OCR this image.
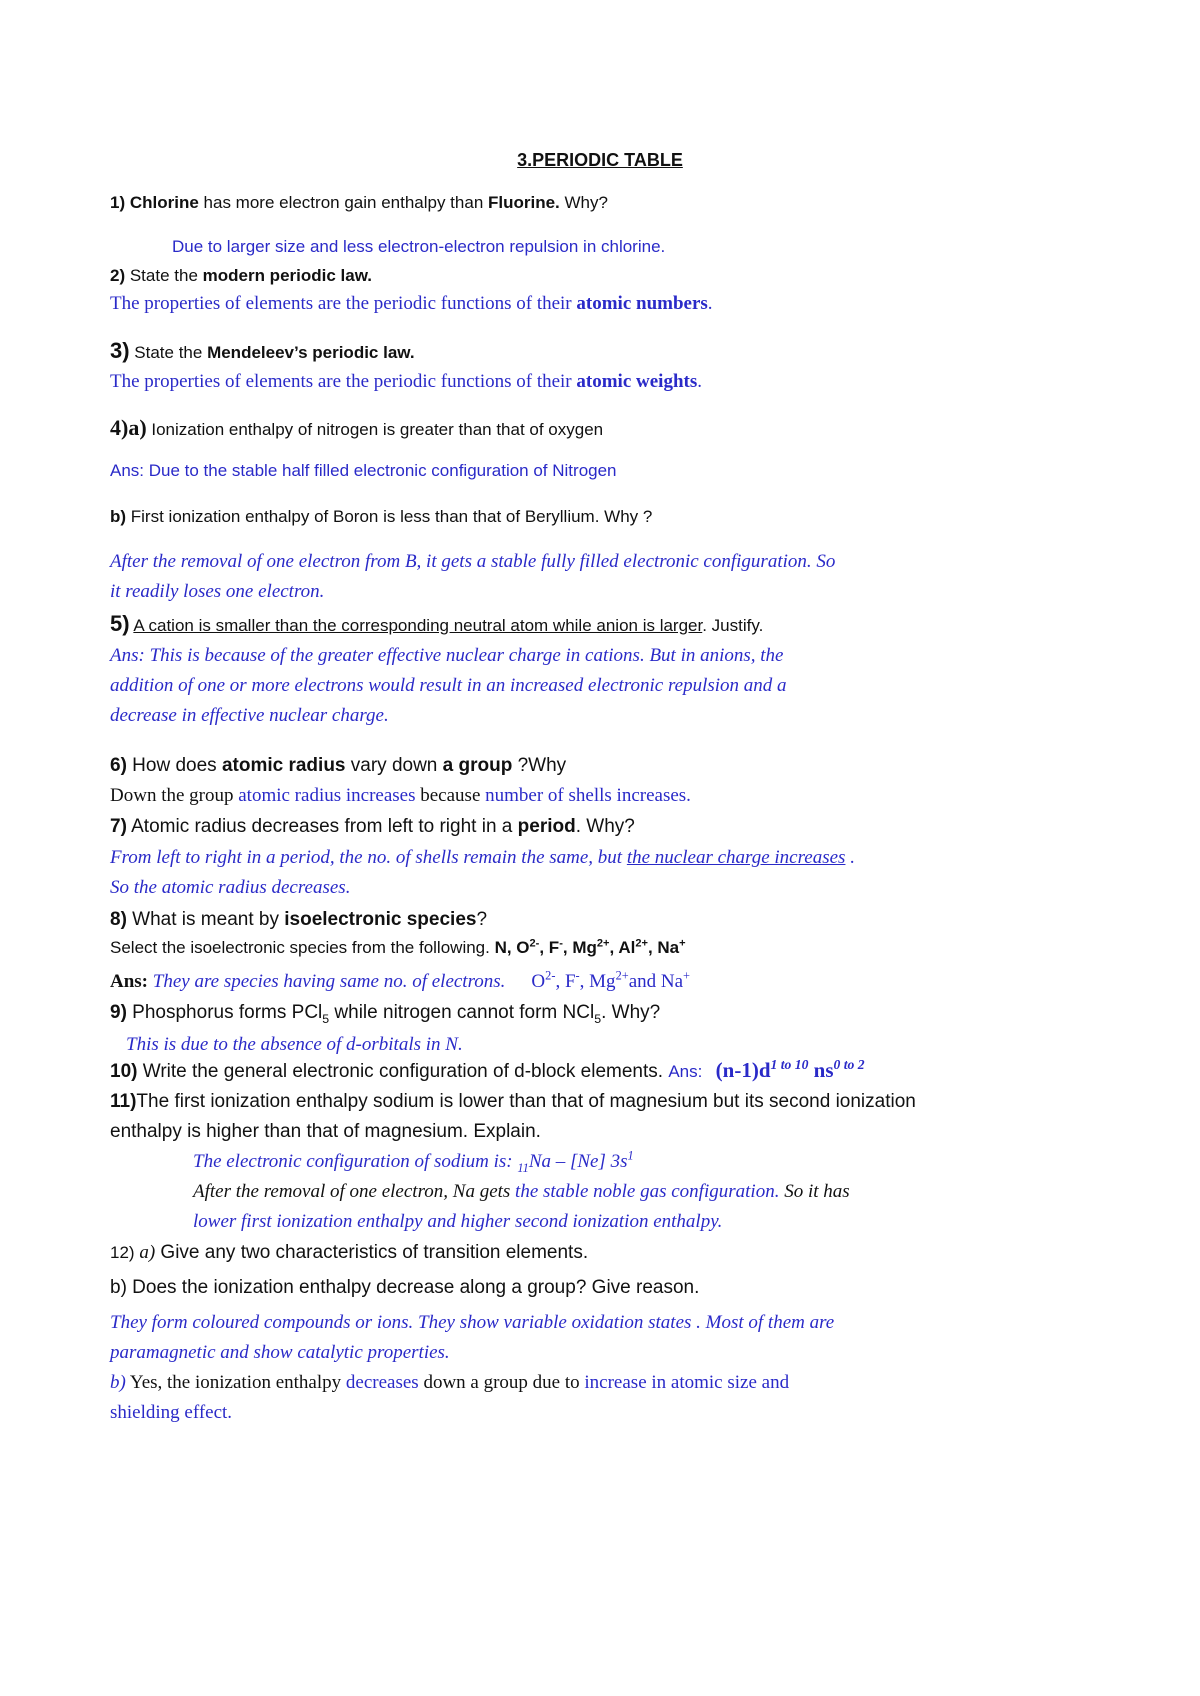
3.PERIODIC TABLE
1) Chlorine has more electron gain enthalpy than Fluorine. Why?
Due to larger size and less electron-electron repulsion in chlorine.
2) State the modern periodic law.
The properties of elements are the periodic functions of their atomic numbers.
3) State the Mendeleev’s periodic law.
The properties of elements are the periodic functions of their atomic weights.
4)a) Ionization enthalpy of nitrogen is greater than that of oxygen
Ans: Due to the stable half filled electronic configuration of Nitrogen
b) First ionization enthalpy of Boron is less than that of Beryllium. Why ?
After the removal of one electron from B, it gets a stable fully filled electronic configuration. So
it readily loses one electron.
5) A cation is smaller than the corresponding neutral atom while anion is larger. Justify.
Ans: This is because of the greater effective nuclear charge in cations. But in anions, the
addition of one or more electrons would result in an increased electronic repulsion and a
decrease in effective nuclear charge.
6) How does atomic radius vary down a group ?Why
Down the group atomic radius increases because number of shells increases.
7) Atomic radius decreases from left to right in a period. Why?
From left to right in a period, the no. of shells remain the same, but the nuclear charge increases .
So the atomic radius decreases.
8) What is meant by isoelectronic species?
Select the isoelectronic species from the following. N, $O^{2-}$, F-, $Mg^{2+}$, $Al^{2+}$, Na+
Ans: They are species having same no. of electrons. $O^{2-}$, F-, $Mg^{2+}and$ Na+
9) Phosphorus forms PCl$_5$ while nitrogen cannot form NCl$_5$. Why?
This is due to the absence of d-orbitals in N.
10) Write the general electronic configuration of d-block elements. Ans: $(n-1)d^{1 to 10}$ $ns^{0 to 2}$
11)The first ionization enthalpy sodium is lower than that of magnesium but its second ionization
enthalpy is higher than that of magnesium. Explain.
The electronic configuration of sodium is: $_{11}$Na – [Ne] $3s^1$
After the removal of one electron, Na gets the stable noble gas configuration. So it has
lower first ionization enthalpy and higher second ionization enthalpy.
12) a) Give any two characteristics of transition elements.
b) Does the ionization enthalpy decrease along a group? Give reason.
They form coloured compounds or ions. They show variable oxidation states . Most of them are
paramagnetic and show catalytic properties.
b) Yes, the ionization enthalpy decreases down a group due to increase in atomic size and
shielding effect.
